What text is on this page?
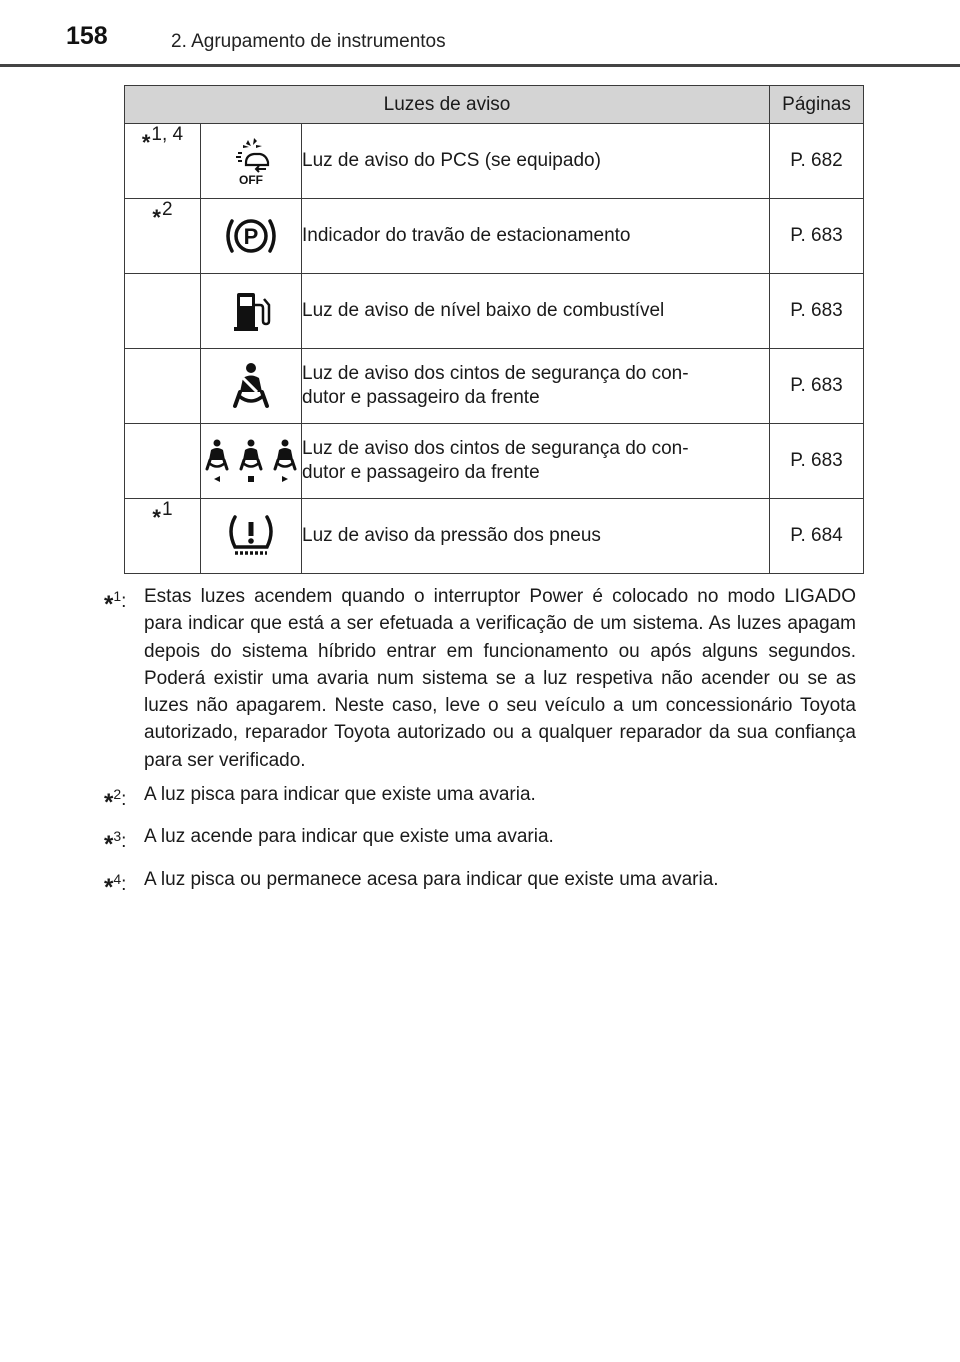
158	2. Agrupamento de instrumentos
Luzes de aviso			Páginas
*1, 4	OFF	Luz de aviso do PCS (se equipado)	P. 682
*2	P	Indicador do travão de estacionamento	P. 683

	Luz de aviso de nível baixo de combustível	P. 683

Luz de aviso dos cintos de segurança do con-
dutor e passageiro da frente	P. 683

Luz de aviso dos cintos de segurança do con-
dutor e passageiro da frente	P. 683
*1		Luz de aviso da pressão dos pneus	P. 684
*$^1$: Estas luzes acendem quando o interruptor Power é colocado no modo LIGADO para indicar que está a ser efetuada a verificação de um sistema. As luzes apagam depois do sistema híbrido entrar em funcionamento ou após alguns segundos. Poderá existir uma avaria num sistema se a luz respetiva não acender ou se as luzes não apagarem. Neste caso, leve o seu veículo a um concessionário Toyota autorizado, reparador Toyota autorizado ou a qualquer reparador da sua confiança para ser verificado.
*$^2$: A luz pisca para indicar que existe uma avaria.
*$^3$: A luz acende para indicar que existe uma avaria.
*$^4$: A luz pisca ou permanece acesa para indicar que existe uma avaria.
